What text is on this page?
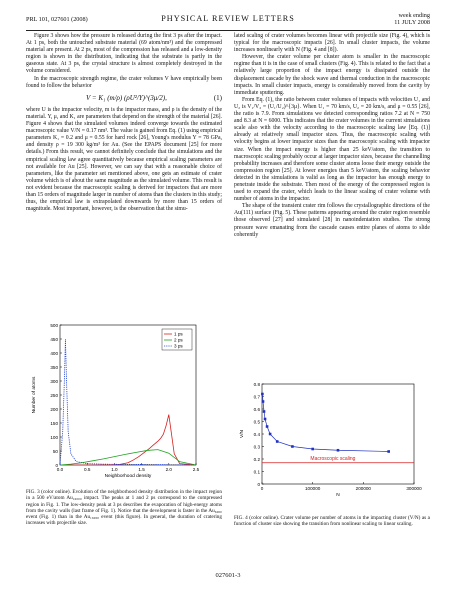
PRL 101, 027601 (2008)	PHYSICAL REVIEW LETTERS	week ending
11 JULY 2008

Figure 3 shows how the pressure is released during the first 3 ps after the impact. At 1 ps, both the untouched substrate material (69 atom/nm³) and the compressed material are present. At 2 ps, most of the compression has released and a low-density region is shown in the distribution, indicating that the substrate is partly in the gaseous state. At 3 ps, the crystal structure is almost completely destroyed in the volume considered.

In the macroscopic strength regime, the crater volumes V have empirically been found to follow the behavior

V = K₁ (m/ρ) (ρU²/Y)^(3μ/2),	(1)

where U is the impactor velocity, m is the impactor mass, and ρ is the density of the material. Y, μ, and K₁ are parameters that depend on the strength of the material [26]. Figure 4 shows that the simulated volumes indeed converge towards the estimated macroscopic value V/N = 0.17 nm³. The value is gained from Eq. (1) using empirical parameters K₁ = 0.2 and μ = 0.55 for hard rock [26], Young's modulus Y = 78 GPa, and density ρ = 19 300 kg/m³ for Au. (See the EPAPS document [25] for more details.) From this result, we cannot definitely conclude that the simulations and the empirical scaling law agree quantitatively because empirical scaling parameters are not available for Au [25]. However, we can say that with a reasonable choice of parameters, like the parameter set mentioned above, one gets an estimate of crater volume which is of about the same magnitude as the simulated volume. This result is not evident because the macroscopic scaling is derived for impactors that are more than 15 orders of magnitude larger in number of atoms than the clusters in this study; thus, the empirical law is extrapolated downwards by more than 15 orders of magnitude. Most important, however, is the observation that the simu-

lated scaling of crater volumes becomes linear with projectile size (Fig. 4), which is typical for the macroscopic impacts [26]. In small cluster impacts, the volume increases nonlinearly with N (Fig. 4 and [8]).

However, the crater volume per cluster atom is smaller in the macroscopic regime than it is in the case of small clusters (Fig. 4). This is related to the fact that a relatively large proportion of the impact energy is dissipated outside the displacement cascade by the shock wave and thermal conduction in the macroscopic impacts. In small cluster impacts, energy is considerably moved from the cavity by immediate sputtering.

From Eq. (1), the ratio between crater volumes of impacts with velocities U₁ and U₂ is V₁/V₂ = (U₁/U₂)^{3μ}. When U₁ = 70 km/s, U₂ = 20 km/s, and μ = 0.55 [26], the ratio is 7.9. From simulations we detected corresponding ratios 7.2 at N = 750 and 8.3 at N = 6000. This indicates that the crater volumes in the current simulations scale also with the velocity according to the macroscopic scaling law [Eq. (1)] already at relatively small impactor sizes. Thus, the macroscopic scaling with velocity begins at lower impactor sizes than the macroscopic scaling with impactor size. When the impact energy is higher than 25 keV/atom, the transition to macroscopic scaling probably occur at larger impactor sizes, because the channelling probability increases and therefore some cluster atoms loose their energy outside the compression region [25]. At lower energies than 5 keV/atom, the scaling behavior detected in the simulations is valid as long as the impactor has enough energy to penetrate inside the substrate. Then most of the energy of the compressed region is used to expand the crater, which leads to the linear scaling of crater volume with number of atoms in the impactor.

The shape of the transient crater rim follows the crystallographic directions of the Au(111) surface (Fig. 5). These patterns appearing around the crater region resemble those observed [27] and simulated [28] in nanoindentation studies. The strong pressure wave emanating from the cascade causes entire planes of atoms to slide coherently

0
50
100
150
200
250
300
350
400
450
500
0.0	0.5	1.0	1.5	2.0	2.5
Neighborhood density
Number of atoms
1 ps
2 ps
3 ps
FIG. 3 (color online). Evolution of the neighborhood density distribution in the impact region in a 500 eV/atom Au₁₆₀₀₀ impact. The peaks at 1 and 2 ps correspond to the compressed region in Fig. 1. The low-density peak at 3 ps describes the evaporation of high-energy atoms from the cavity walls (last frame of Fig. 1). Notice that the development is faster in the Au₆₀₀₀ event (Fig. 1) than in the Au₁₆₀₀₀ event (this figure). In general, the duration of cratering increases with projectile size.
0
0.1
0.2
0.3
0.4
0.5
0.6
0.7
0.8
0	100000	200000	300000
N
V/N
Macroscopic scaling
FIG. 4 (color online). Crater volume per number of atoms in the impacting cluster (V/N) as a function of cluster size showing the transition from nonlinear scaling to linear scaling.
027601-3
